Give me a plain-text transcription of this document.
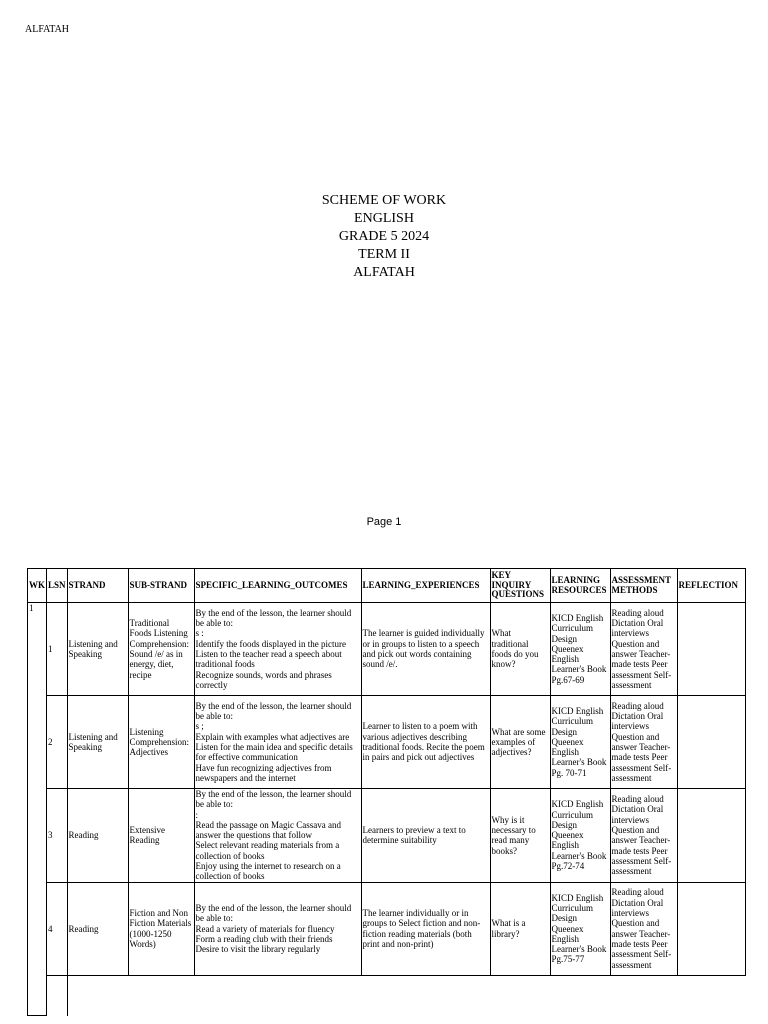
ALFATAH
SCHEME OF WORK
ENGLISH
GRADE 5 2024
TERM II
ALFATAH
Page 1
WK	LSN	STRAND	SUB-STRAND	SPECIFIC_LEARNING_OUTCOMES	LEARNING_EXPERIENCES	KEY INQUIRY QUESTIONS	LEARNING RESOURCES	ASSESSMENT METHODS	REFLECTION
1	1	Listening and Speaking	Traditional Foods Listening Comprehension: Sound /e/ as in energy, diet, recipe	By the end of the lesson, the learner should be able to:
s :
Identify the foods displayed in the picture
Listen to the teacher read a speech about traditional foods
Recognize sounds, words and phrases correctly	The learner is guided individually or in groups to listen to a speech and pick out words containing sound /e/.	What traditional foods do you know?	KICD English Curriculum Design Queenex English Learner's Book Pg.67-69	Reading aloud Dictation Oral interviews Question and answer Teacher-made tests Peer assessment Self-assessment	
	2	Listening and Speaking	Listening Comprehension: Adjectives	By the end of the lesson, the learner should be able to:
s ;
Explain with examples what adjectives are
Listen for the main idea and specific details for effective communication
Have fun recognizing adjectives from newspapers and the internet	Learner to listen to a poem with various adjectives describing traditional foods. Recite the poem in pairs and pick out adjectives	What are some examples of adjectives?	KICD English Curriculum Design Queenex English Learner's Book Pg. 70-71	Reading aloud Dictation Oral interviews Question and answer Teacher-made tests Peer assessment Self-assessment	
	3	Reading	Extensive Reading	By the end of the lesson, the learner should be able to:
:
Read the passage on Magic Cassava and answer the questions that follow
Select relevant reading materials from a collection of books
Enjoy using the internet to research on a collection of books	Learners to preview a text to determine suitability	Why is it necessary to read many books?	KICD English Curriculum Design Queenex English Learner's Book Pg.72-74	Reading aloud Dictation Oral interviews Question and answer Teacher-made tests Peer assessment Self-assessment	
	4	Reading	Fiction and Non Fiction Materials (1000-1250 Words)	By the end of the lesson, the learner should be able to:
Read a variety of materials for fluency
Form a reading club with their friends
Desire to visit the library regularly	The learner individually or in groups to Select fiction and non-fiction reading materials (both print and non-print)	What is a library?	KICD English Curriculum Design Queenex English Learner's Book Pg.75-77	Reading aloud Dictation Oral interviews Question and answer Teacher-made tests Peer assessment Self-assessment	
